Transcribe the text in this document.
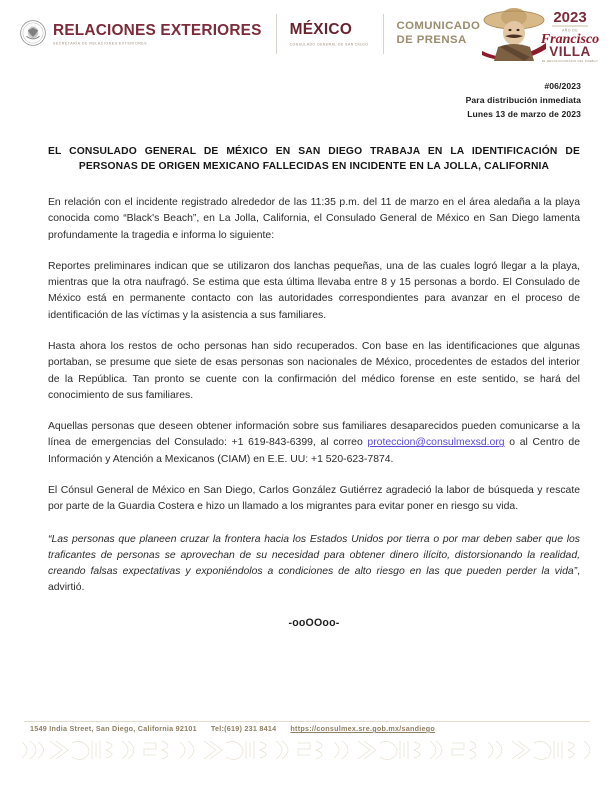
RELACIONES EXTERIORES
SECRETARÍA DE RELACIONES EXTERIORES
MÉXICO
CONSULADO GENERAL DE SAN DIEGO
COMUNICADO
DE PRENSA
2023
AÑO DE
Francisco
VILLA
EL REVOLUCIONARIO DEL PUEBLO
#06/2023
Para distribución inmediata
Lunes 13 de marzo de 2023
EL CONSULADO GENERAL DE MÉXICO EN SAN DIEGO TRABAJA EN LA IDENTIFICACIÓN DE PERSONAS DE ORIGEN MEXICANO FALLECIDAS EN INCIDENTE EN LA JOLLA, CALIFORNIA

En relación con el incidente registrado alrededor de las 11:35 p.m. del 11 de marzo en el área aledaña a la playa conocida como “Black's Beach”, en La Jolla, California, el Consulado General de México en San Diego lamenta profundamente la tragedia e informa lo siguiente:

Reportes preliminares indican que se utilizaron dos lanchas pequeñas, una de las cuales logró llegar a la playa, mientras que la otra naufragó. Se estima que esta última llevaba entre 8 y 15 personas a bordo. El Consulado de México está en permanente contacto con las autoridades correspondientes para avanzar en el proceso de identificación de las víctimas y la asistencia a sus familiares.

Hasta ahora los restos de ocho personas han sido recuperados. Con base en las identificaciones que algunas portaban, se presume que siete de esas personas son nacionales de México, procedentes de estados del interior de la República. Tan pronto se cuente con la confirmación del médico forense en este sentido, se hará del conocimiento de sus familiares.

Aquellas personas que deseen obtener información sobre sus familiares desaparecidos pueden comunicarse a la línea de emergencias del Consulado: +1 619-843-6399, al correo proteccion@consulmexsd.org o al Centro de Información y Atención a Mexicanos (CIAM) en E.E. UU: +1 520-623-7874.

El Cónsul General de México en San Diego, Carlos González Gutiérrez agradeció la labor de búsqueda y rescate por parte de la Guardia Costera e hizo un llamado a los migrantes para evitar poner en riesgo su vida.

“Las personas que planeen cruzar la frontera hacia los Estados Unidos por tierra o por mar deben saber que los traficantes de personas se aprovechan de su necesidad para obtener dinero ilícito, distorsionando la realidad, creando falsas expectativas y exponiéndolos a condiciones de alto riesgo en las que pueden perder la vida”, advirtió.

-ooOOoo-
1549 India Street, San Diego, California 92101 Tel:(619) 231 8414 https://consulmex.sre.gob.mx/sandiego
